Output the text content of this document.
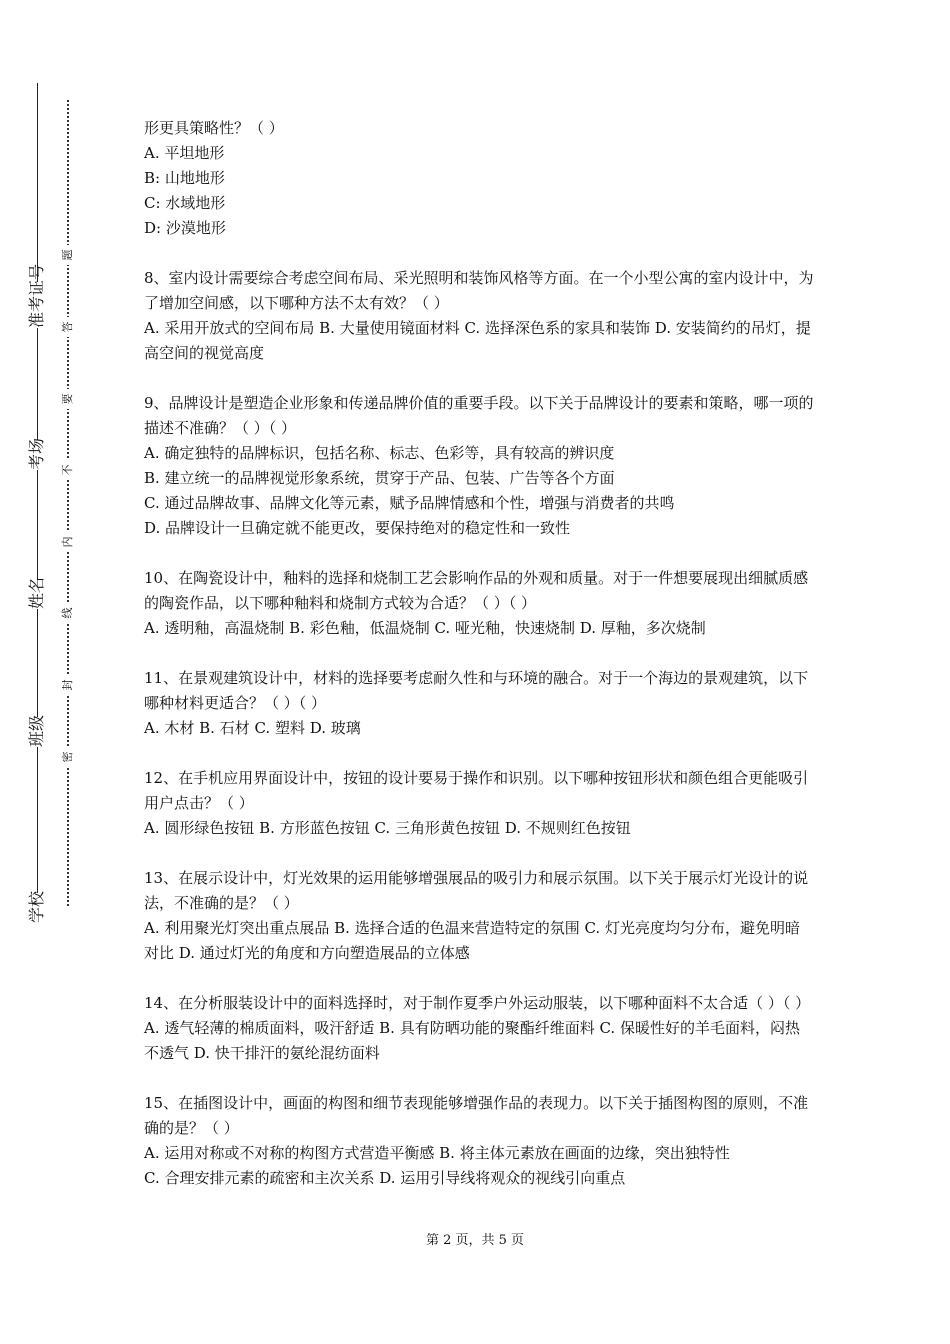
学校
班级
姓名
考场
准考证号
密
封
线
内
不
要
答
题

形更具策略性？（ ）

A. 平坦地形

B: 山地地形

C: 水域地形

D: 沙漠地形

8、室内设计需要综合考虑空间布局、采光照明和装饰风格等方面。在一个小型公寓的室内设计中，为了增加空间感，以下哪种方法不太有效？（ ）

A. 采用开放式的空间布局 B. 大量使用镜面材料 C. 选择深色系的家具和装饰 D. 安装简约的吊灯，提高空间的视觉高度

9、品牌设计是塑造企业形象和传递品牌价值的重要手段。以下关于品牌设计的要素和策略，哪一项的描述不准确？（ ）（ ）

A. 确定独特的品牌标识，包括名称、标志、色彩等，具有较高的辨识度

B. 建立统一的品牌视觉形象系统，贯穿于产品、包装、广告等各个方面

C. 通过品牌故事、品牌文化等元素，赋予品牌情感和个性，增强与消费者的共鸣

D. 品牌设计一旦确定就不能更改，要保持绝对的稳定性和一致性

10、在陶瓷设计中，釉料的选择和烧制工艺会影响作品的外观和质量。对于一件想要展现出细腻质感的陶瓷作品，以下哪种釉料和烧制方式较为合适？（ ）（ ）

A. 透明釉，高温烧制 B. 彩色釉，低温烧制 C. 哑光釉，快速烧制 D. 厚釉，多次烧制

11、在景观建筑设计中，材料的选择要考虑耐久性和与环境的融合。对于一个海边的景观建筑，以下哪种材料更适合？（ ）（ ）

A. 木材 B. 石材 C. 塑料 D. 玻璃

12、在手机应用界面设计中，按钮的设计要易于操作和识别。以下哪种按钮形状和颜色组合更能吸引用户点击？（ ）

A. 圆形绿色按钮 B. 方形蓝色按钮 C. 三角形黄色按钮 D. 不规则红色按钮

13、在展示设计中，灯光效果的运用能够增强展品的吸引力和展示氛围。以下关于展示灯光设计的说法，不准确的是？（ ）

A. 利用聚光灯突出重点展品 B. 选择合适的色温来营造特定的氛围 C. 灯光亮度均匀分布，避免明暗对比 D. 通过灯光的角度和方向塑造展品的立体感

14、在分析服装设计中的面料选择时，对于制作夏季户外运动服装，以下哪种面料不太合适（ ）（ ）

A. 透气轻薄的棉质面料，吸汗舒适 B. 具有防晒功能的聚酯纤维面料 C. 保暖性好的羊毛面料，闷热不透气 D. 快干排汗的氨纶混纺面料

15、在插图设计中，画面的构图和细节表现能够增强作品的表现力。以下关于插图构图的原则，不准确的是？（ ）

A. 运用对称或不对称的构图方式营造平衡感 B. 将主体元素放在画面的边缘，突出独特性

C. 合理安排元素的疏密和主次关系 D. 运用引导线将观众的视线引向重点

第 2 页，共 5 页
